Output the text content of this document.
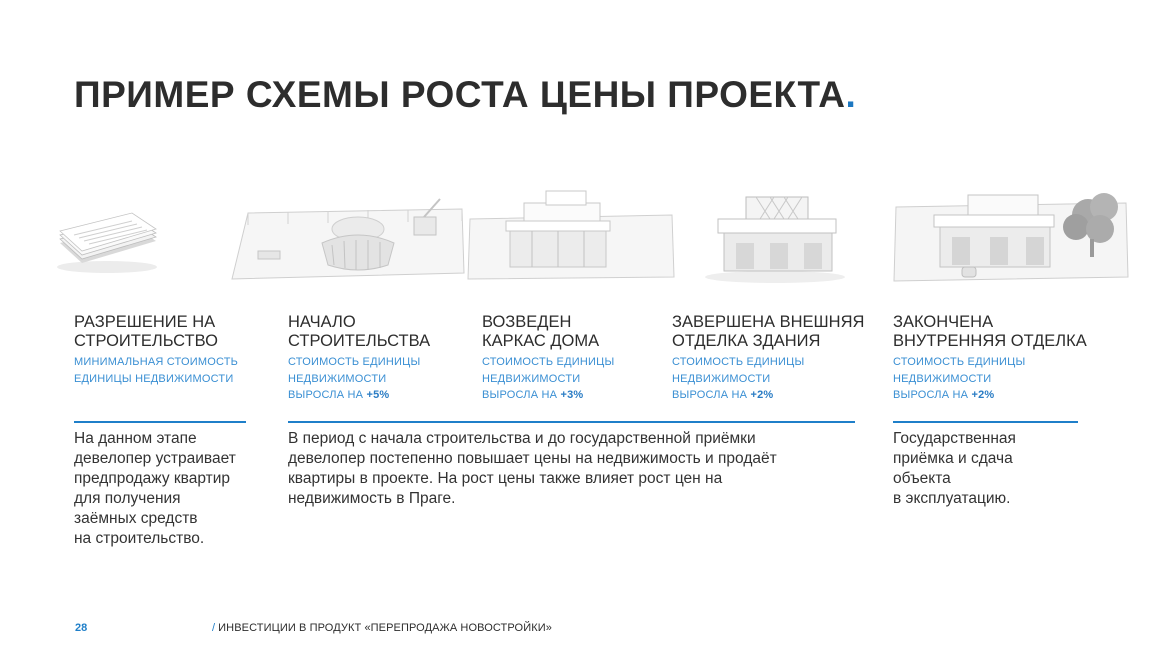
ПРИМЕР СХЕМЫ РОСТА ЦЕНЫ ПРОЕКТА.
РАЗРЕШЕНИЕ НА
СТРОИТЕЛЬСТВО
МИНИМАЛЬНАЯ СТОИМОСТЬ
ЕДИНИЦЫ НЕДВИЖИМОСТИ
НАЧАЛО
СТРОИТЕЛЬСТВА
СТОИМОСТЬ ЕДИНИЦЫ
НЕДВИЖИМОСТИ
ВЫРОСЛА НА +5%
ВОЗВЕДЕН
КАРКАС ДОМА
СТОИМОСТЬ ЕДИНИЦЫ
НЕДВИЖИМОСТИ
ВЫРОСЛА НА +3%
ЗАВЕРШЕНА ВНЕШНЯЯ
ОТДЕЛКА ЗДАНИЯ
СТОИМОСТЬ ЕДИНИЦЫ
НЕДВИЖИМОСТИ
ВЫРОСЛА НА +2%
ЗАКОНЧЕНА
ВНУТРЕННЯЯ ОТДЕЛКА
СТОИМОСТЬ ЕДИНИЦЫ
НЕДВИЖИМОСТИ
ВЫРОСЛА НА +2%
На данном этапе
девелопер устраивает
предпродажу квартир
для получения
заёмных средств
на строительство.
В период с начала строительства и до государственной приёмки
девелопер постепенно повышает цены на недвижимость и продаёт
квартиры в проекте. На рост цены также влияет рост цен на
недвижимость в Праге.
Государственная
приёмка и сдача
объекта
в эксплуатацию.
28	/ ИНВЕСТИЦИИ В ПРОДУКТ «ПЕРЕПРОДАЖА НОВОСТРОЙКИ»
